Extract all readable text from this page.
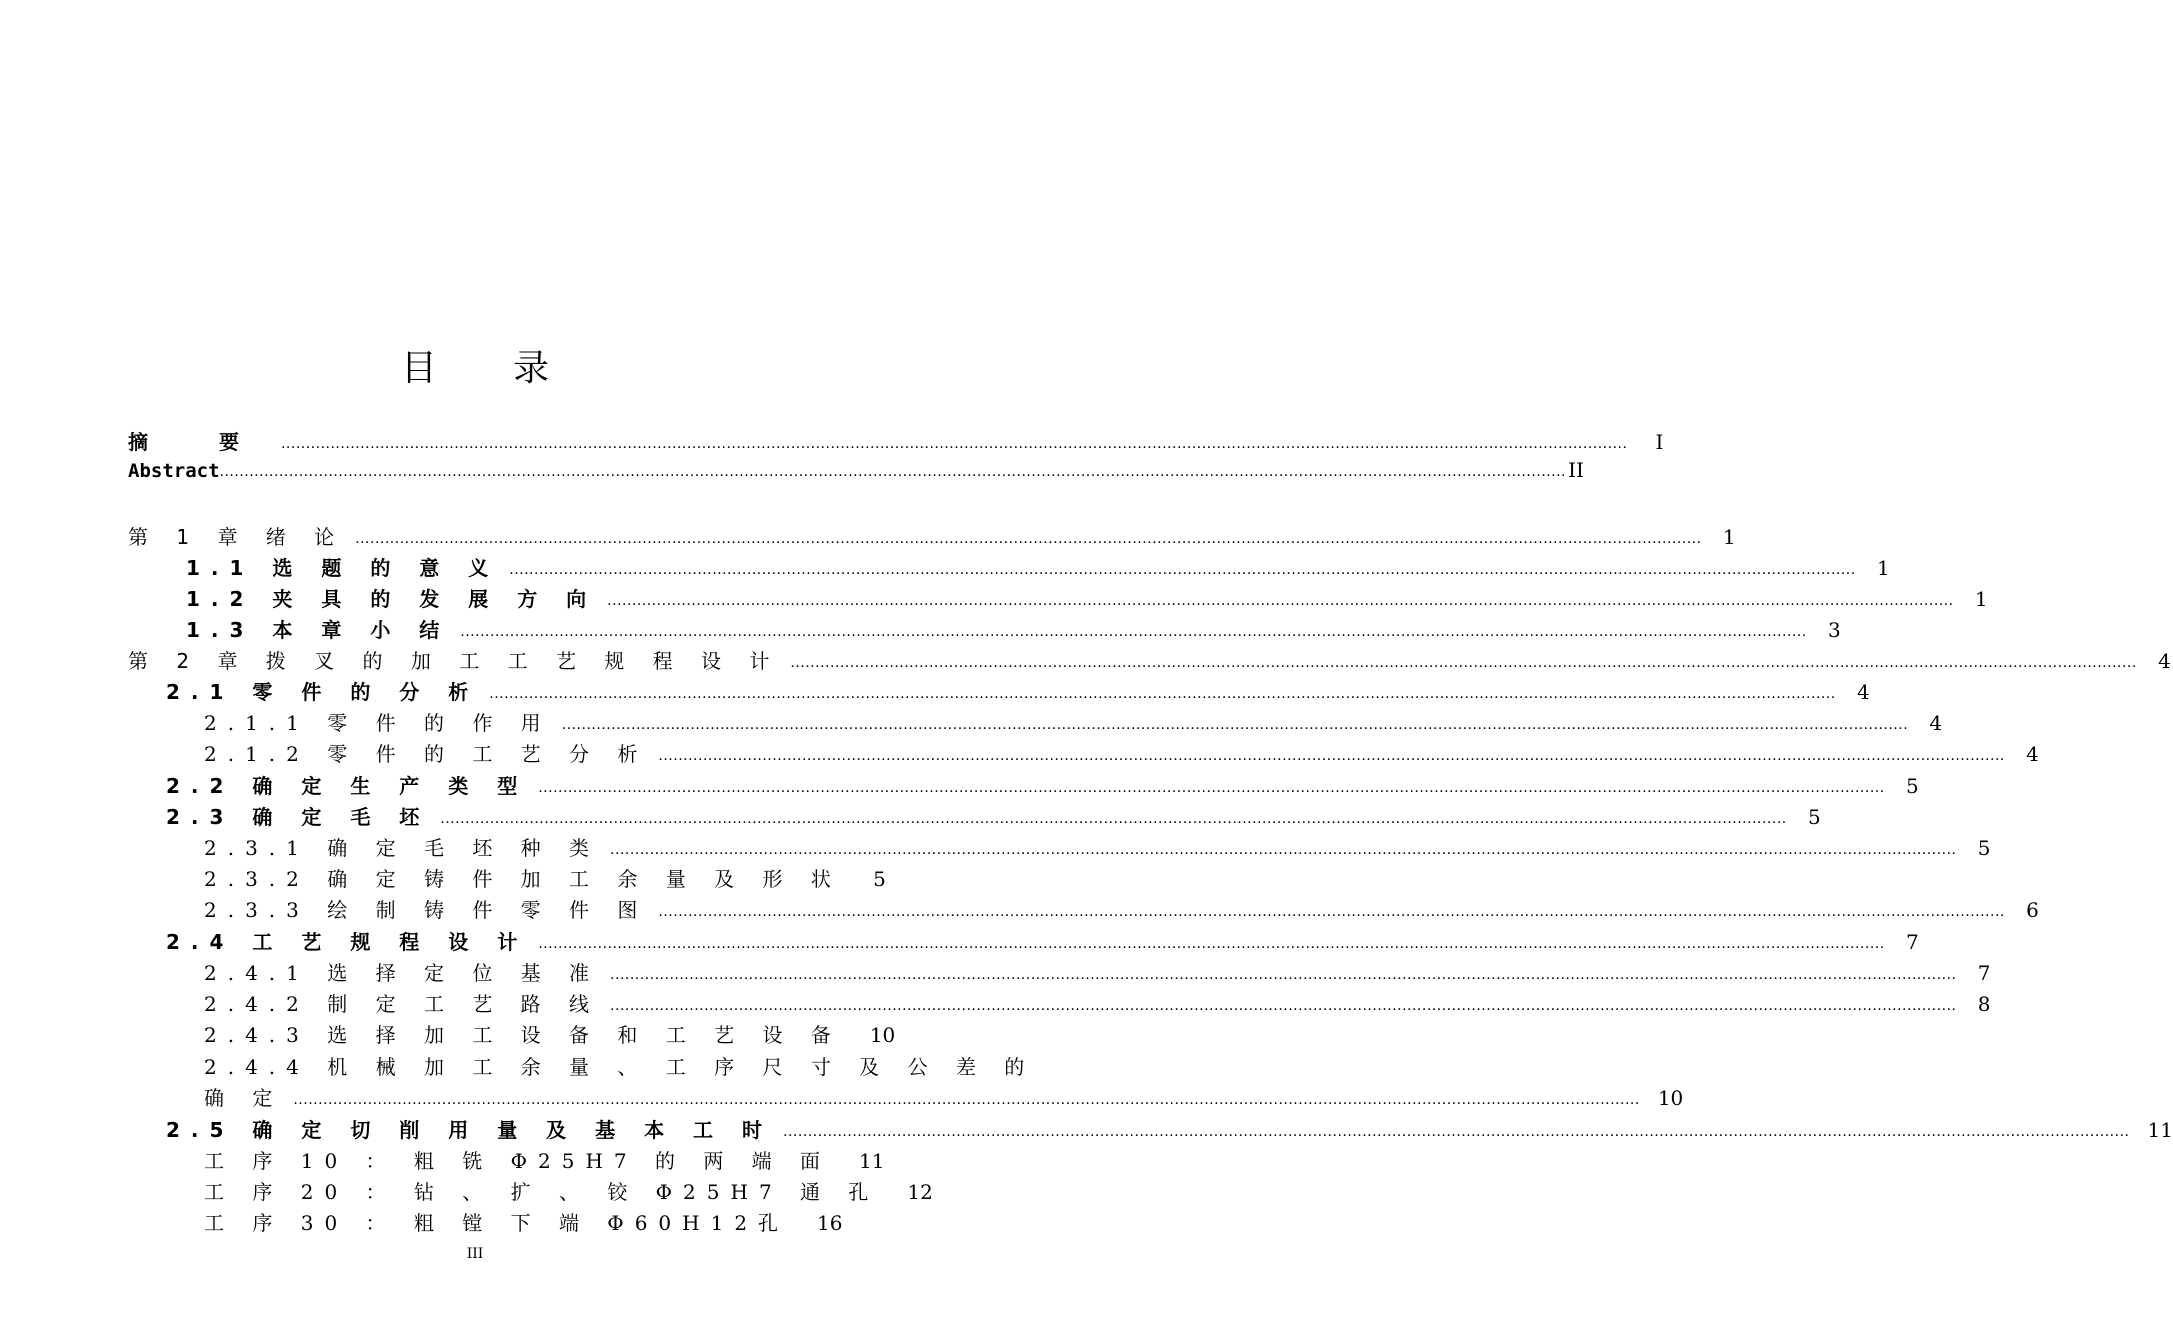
目 录
摘 要 .....	I
Abstract .....	II
第 1 章 绪 论 .....	1
1.1 选 题 的 意 义 .....	1
1.2 夹 具 的 发 展 方 向 .....	1
1.3 本 章 小 结 .....	3
第 2 章 拨 叉 的 加 工 工 艺 规 程 设 计 .....	4
2.1 零 件 的 分 析 .....	4
2.1.1 零 件 的 作 用 .....	4
2.1.2 零 件 的 工 艺 分 析 .....	4
2.2 确 定 生 产 类 型 .....	5
2.3 确 定 毛 坯 .....	5
2.3.1 确 定 毛 坯 种 类 .....	5
2.3.2 确 定 铸 件 加 工 余 量 及 形 状 5
2.3.3 绘 制 铸 件 零 件 图 .....	6
2.4 工 艺 规 程 设 计 .....	7
2.4.1 选 择 定 位 基 准 .....	7
2.4.2 制 定 工 艺 路 线 .....	8
2.4.3 选 择 加 工 设 备 和 工 艺 设 备 10
2.4.4 机 械 加 工 余 量 、 工 序 尺 寸 及 公 差 的
确 定 .....	10
2.5 确 定 切 削 用 量 及 基 本 工 时 .....	11
工 序 10 ： 粗 铣 Φ25H7 的 两 端 面 11
工 序 20 ： 钻 、 扩 、 铰 Φ25H7 通 孔 12
工 序 30 ： 粗 镗 下 端 Φ60H12孔 16
III
